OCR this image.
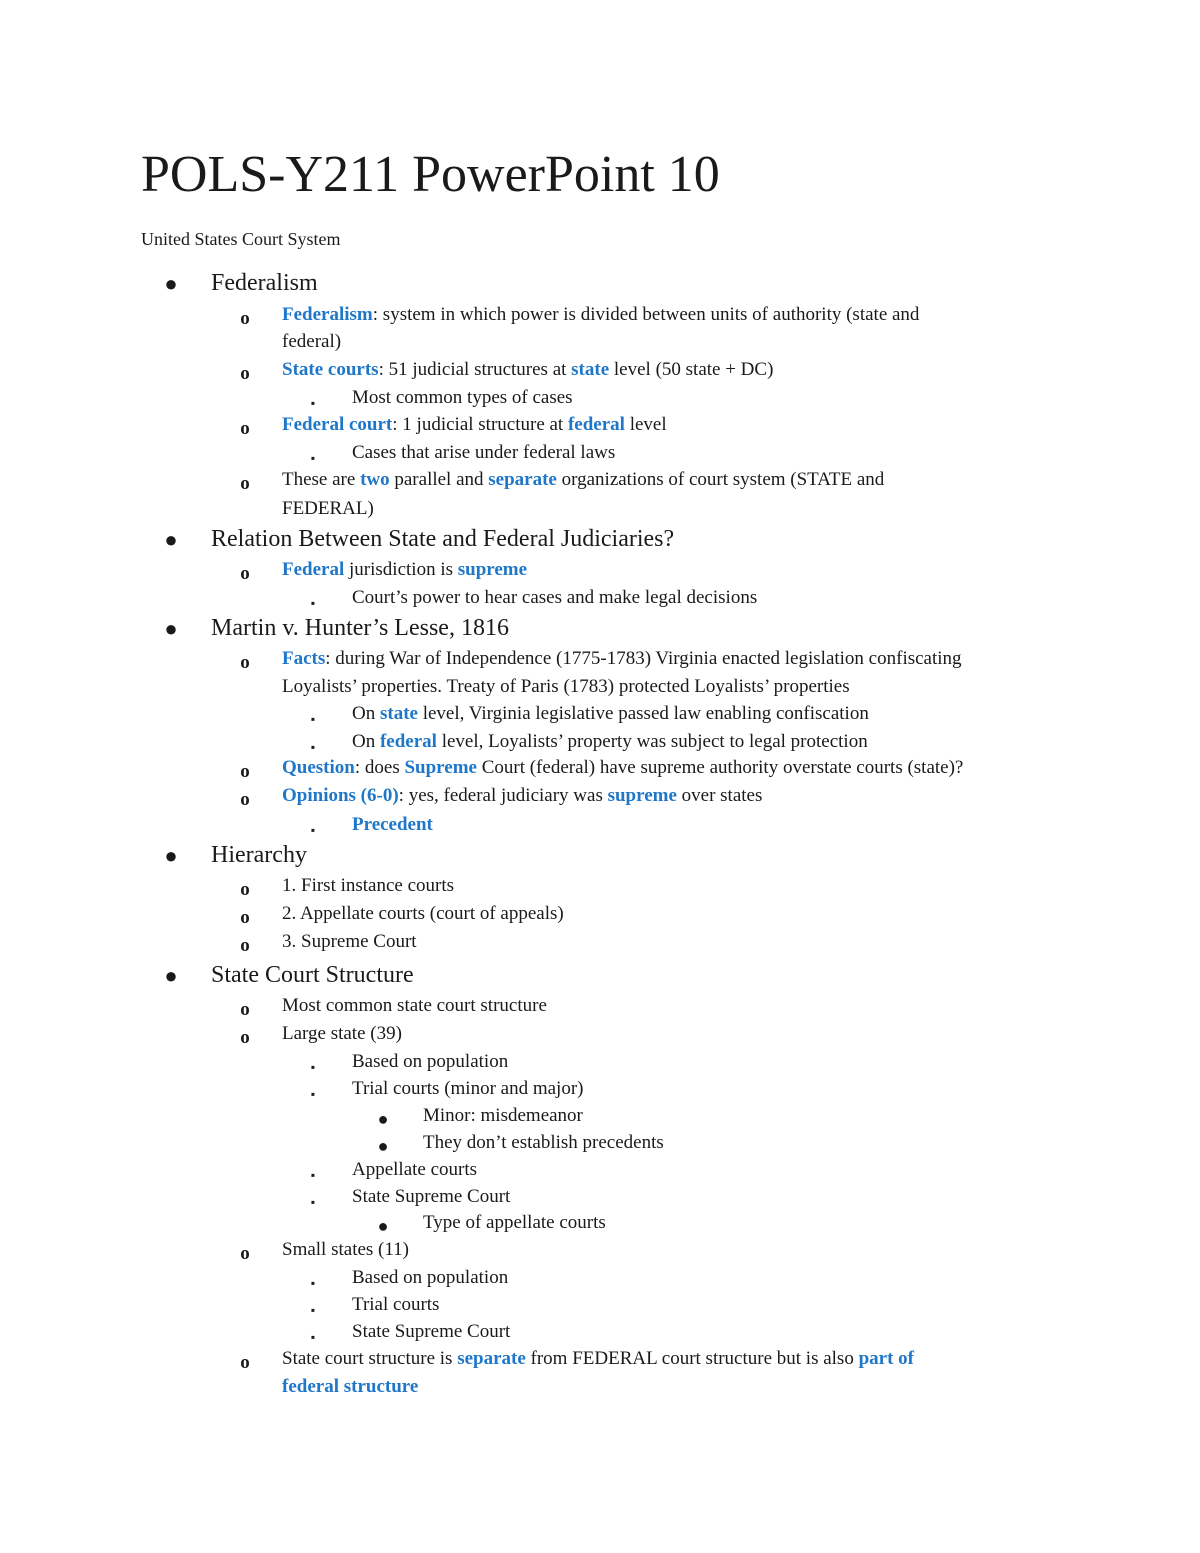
POLS-Y211 PowerPoint 10
United States Court System
● Federalism
o Federalism: system in which power is divided between units of authority (state and
federal)
o State courts: 51 judicial structures at state level (50 state + DC)
▪	Most common types of cases
o Federal court: 1 judicial structure at federal level
▪	Cases that arise under federal laws
o These are two parallel and separate organizations of court system (STATE and
FEDERAL)
● Relation Between State and Federal Judiciaries?
o Federal jurisdiction is supreme
▪	Court’s power to hear cases and make legal decisions
● Martin v. Hunter’s Lesse, 1816
o Facts: during War of Independence (1775-1783) Virginia enacted legislation confiscating
Loyalists’ properties. Treaty of Paris (1783) protected Loyalists’ properties
▪	On state level, Virginia legislative passed law enabling confiscation
▪	On federal level, Loyalists’ property was subject to legal protection
o Question: does Supreme Court (federal) have supreme authority overstate courts (state)?
o Opinions (6-0): yes, federal judiciary was supreme over states
▪	Precedent
● Hierarchy
o 1. First instance courts
o 2. Appellate courts (court of appeals)
o 3. Supreme Court
● State Court Structure
o Most common state court structure
o Large state (39)
▪	Based on population
▪	Trial courts (minor and major)
● Minor: misdemeanor
● They don’t establish precedents
▪	Appellate courts
▪	State Supreme Court
● Type of appellate courts
o Small states (11)
▪	Based on population
▪	Trial courts
▪	State Supreme Court
o State court structure is separate from FEDERAL court structure but is also part of
federal structure
